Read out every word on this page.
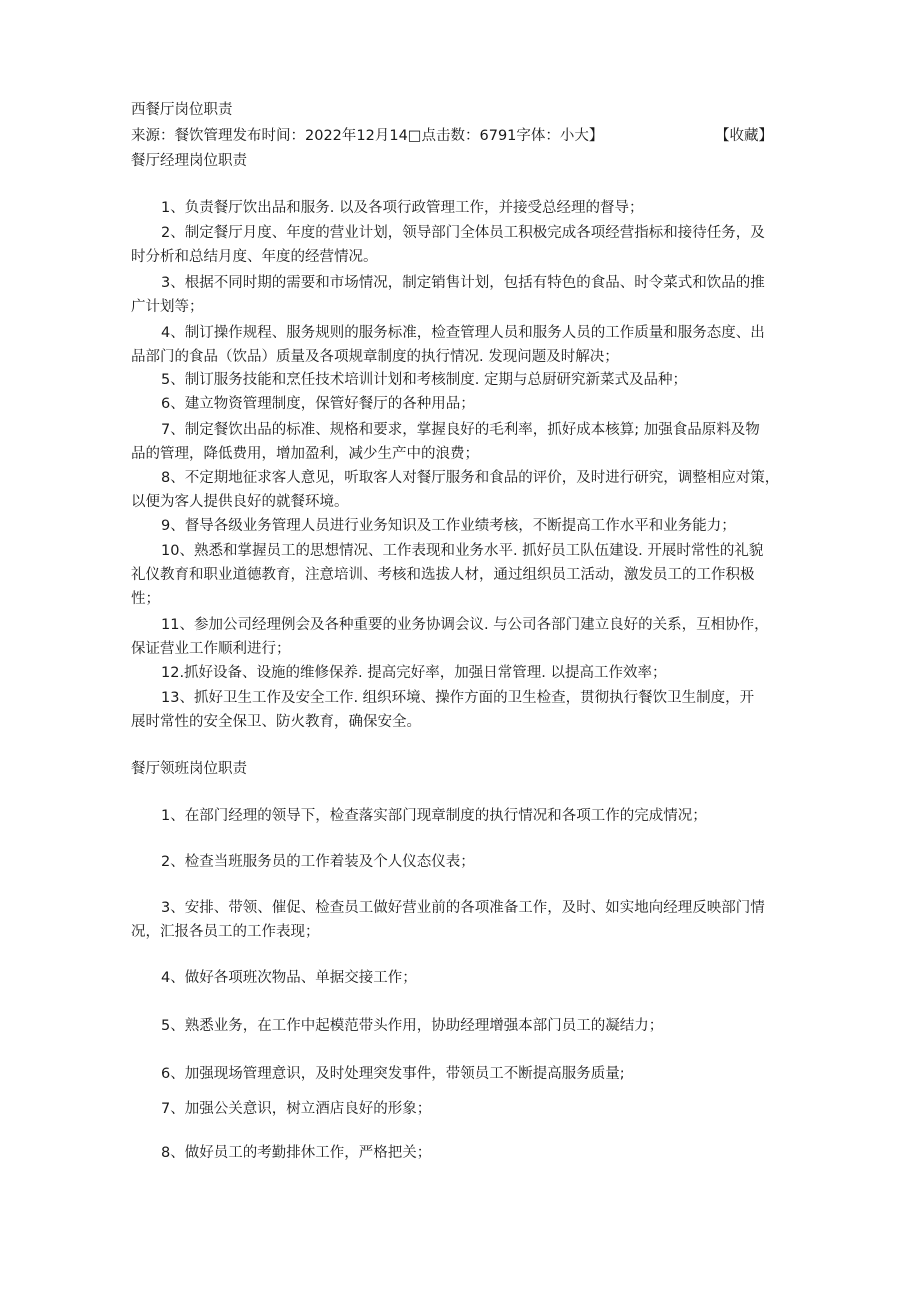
西餐厅岗位职责
来源：餐饮管理发布时间：2022年12月14□点击数：6791字体：小大】	【收藏】
餐厅经理岗位职责
1、负责餐厅饮出品和服务. 以及各项行政管理工作，并接受总经理的督导；
2、制定餐厅月度、年度的营业计划，领导部门全体员工积极完成各项经营指标和接待任务，及
时分析和总结月度、年度的经营情况。
3、根据不同时期的需要和市场情况，制定销售计划，包括有特色的食品、时令菜式和饮品的推
广计划等；
4、制订操作规程、服务规则的服务标准，检查管理人员和服务人员的工作质量和服务态度、出
品部门的食品（饮品）质量及各项规章制度的执行情况. 发现问题及时解决；
5、制订服务技能和烹任技术培训计划和考核制度. 定期与总厨研究新菜式及品种；
6、建立物资管理制度，保管好餐厅的各种用品；
7、制定餐饮出品的标准、规格和要求，掌握良好的毛利率，抓好成本核算; 加强食品原料及物
品的管理，降低费用，增加盈利，减少生产中的浪费；
8、不定期地征求客人意见，听取客人对餐厅服务和食品的评价，及时进行研究，调整相应对策，
以便为客人提供良好的就餐环境。
9、督导各级业务管理人员进行业务知识及工作业绩考核，不断提高工作水平和业务能力；
10、熟悉和掌握员工的思想情况、工作表现和业务水平. 抓好员工队伍建设. 开展时常性的礼貌
礼仪教育和职业道德教育，注意培训、考核和选拔人材，通过组织员工活动，激发员工的工作积极
性；
11、参加公司经理例会及各种重要的业务协调会议. 与公司各部门建立良好的关系，互相协作，
保证营业工作顺利进行；
12.抓好设备、设施的维修保养. 提高完好率，加强日常管理. 以提高工作效率；
13、抓好卫生工作及安全工作. 组织环境、操作方面的卫生检查，贯彻执行餐饮卫生制度，开
展时常性的安全保卫、防火教育，确保安全。
餐厅领班岗位职责
1、在部门经理的领导下，检查落实部门现章制度的执行情况和各项工作的完成情况；
2、检查当班服务员的工作着装及个人仪态仪表；
3、安排、带领、催促、检查员工做好营业前的各项准备工作，及时、如实地向经理反映部门情
况，汇报各员工的工作表现；
4、做好各项班次物品、单据交接工作；
5、熟悉业务，在工作中起模范带头作用，协助经理增强本部门员工的凝结力；
6、加强现场管理意识，及时处理突发事件，带领员工不断提高服务质量;
7、加强公关意识，树立酒店良好的形象；
8、做好员工的考勤排休工作，严格把关；
